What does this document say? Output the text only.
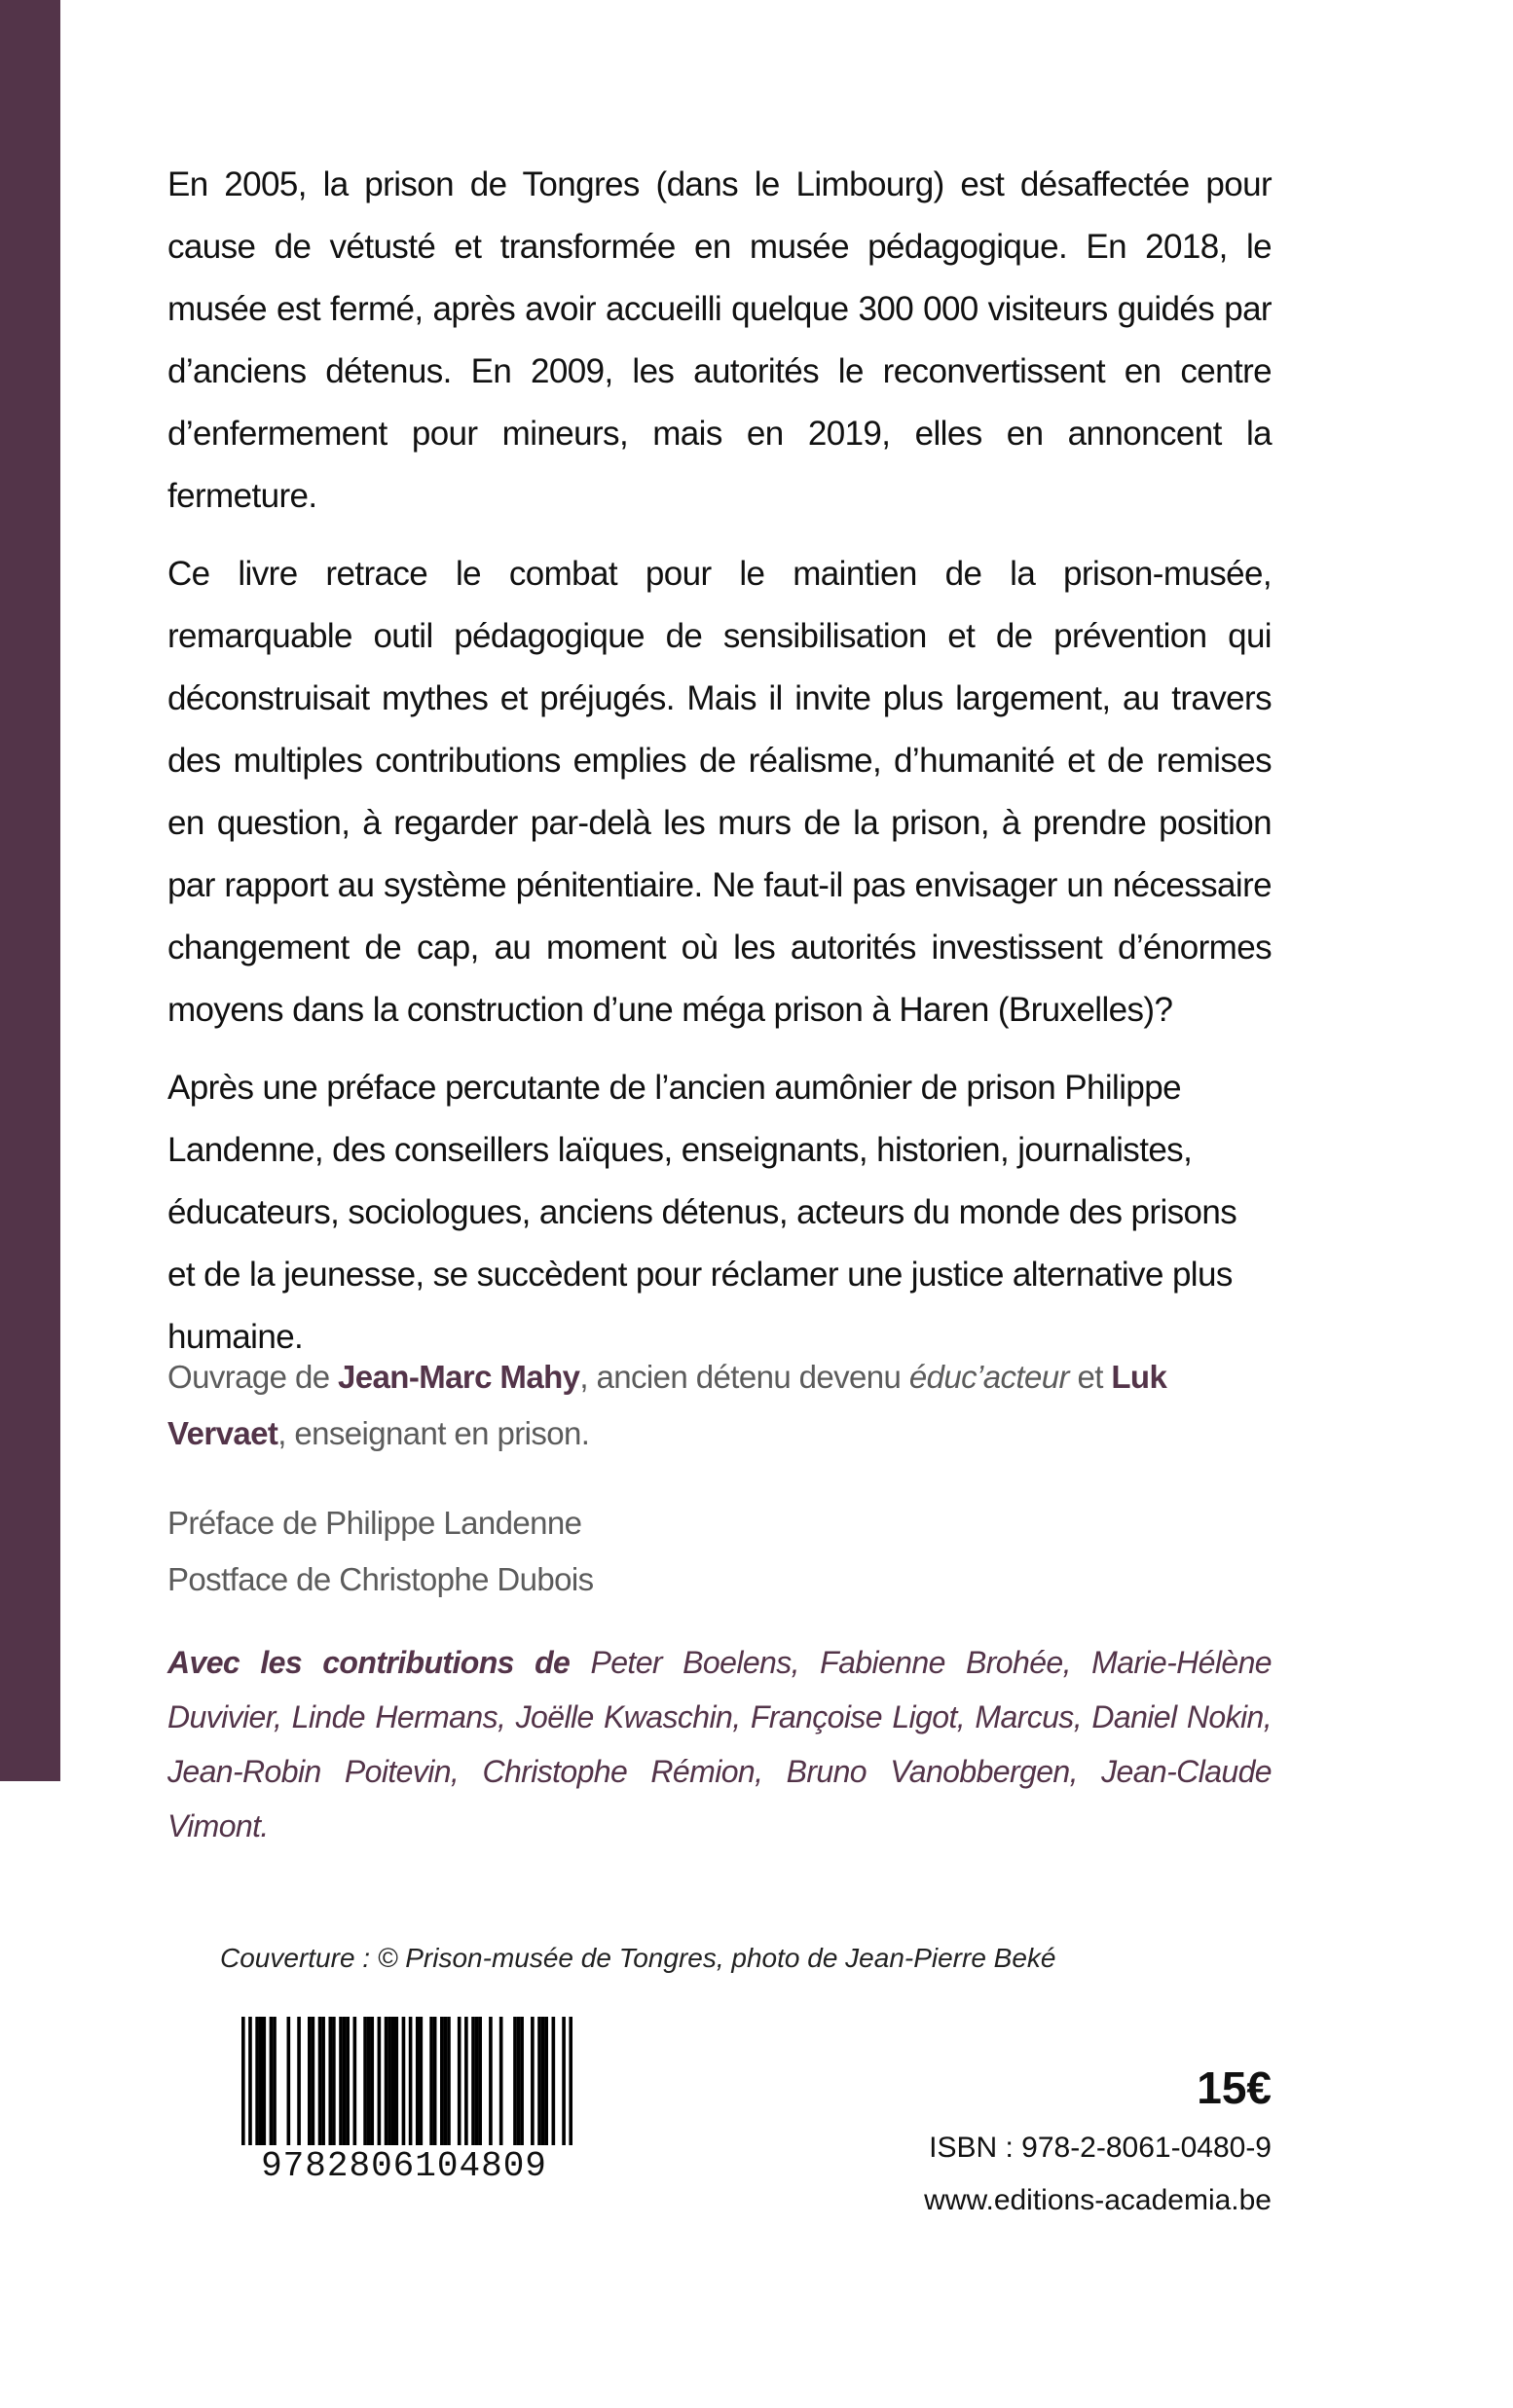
En 2005, la prison de Tongres (dans le Limbourg) est désaffectée pour cause de vétusté et transformée en musée pédagogique. En 2018, le musée est fermé, après avoir accueilli quelque 300 000 visiteurs guidés par d’anciens détenus. En 2009, les autorités le reconvertissent en centre d’enfermement pour mineurs, mais en 2019, elles en annoncent la fermeture.

Ce livre retrace le combat pour le maintien de la prison-musée, remarquable outil pédagogique de sensibilisation et de prévention qui déconstruisait mythes et préjugés. Mais il invite plus largement, au travers des multiples contributions emplies de réalisme, d’humanité et de remises en question, à regarder par-delà les murs de la prison, à prendre position par rapport au système pénitentiaire. Ne faut-il pas envisager un nécessaire changement de cap, au moment où les autorités investissent d’énormes moyens dans la construction d’une méga prison à Haren (Bruxelles)?

Après une préface percutante de l’ancien aumônier de prison Philippe Landenne, des conseillers laïques, enseignants, historien, journalistes, éducateurs, sociologues, anciens détenus, acteurs du monde des prisons et de la jeunesse, se succèdent pour réclamer une justice alternative plus humaine.

Ouvrage de Jean-Marc Mahy, ancien détenu devenu éduc’acteur et Luk Vervaet, enseignant en prison.

Préface de Philippe Landenne

Postface de Christophe Dubois

Avec les contributions de Peter Boelens, Fabienne Brohée, Marie-Hélène Duvivier, Linde Hermans, Joëlle Kwaschin, Françoise Ligot, Marcus, Daniel Nokin, Jean-Robin Poitevin, Christophe Rémion, Bruno Vanobbergen, Jean-Claude Vimont.
Couverture : © Prison-musée de Tongres, photo de Jean-Pierre Beké
9782806104809
15€
ISBN : 978-2-8061-0480-9
www.editions-academia.be
